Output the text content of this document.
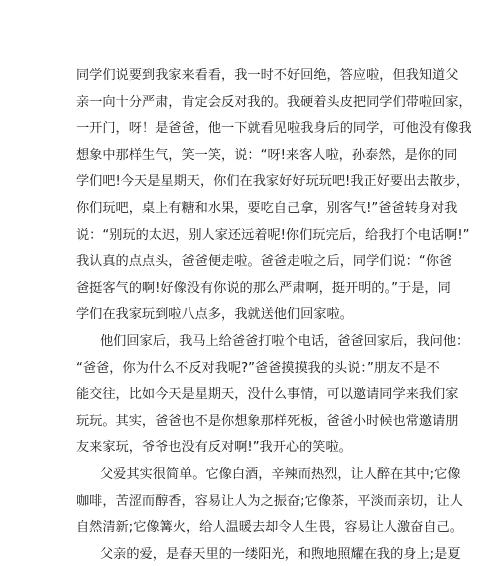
同学们说要到我家来看看，我一时不好回绝，答应啦，但我知道父
亲一向十分严肃，肯定会反对我的。我硬着头皮把同学们带啦回家，
一开门，呀！是爸爸，他一下就看见啦我身后的同学，可他没有像我
想象中那样生气，笑一笑，说：“呀!来客人啦，孙泰然，是你的同
学们吧!今天是星期天，你们在我家好好玩玩吧!我正好要出去散步，
你们玩吧，桌上有糖和水果，要吃自己拿，别客气!”爸爸转身对我
说：“别玩的太迟，别人家还远着呢!你们玩完后，给我打个电话啊!”
我认真的点点头，爸爸便走啦。爸爸走啦之后，同学们说：“你爸
爸挺客气的啊!好像没有你说的那么严肃啊，挺开明的。”于是，同
学们在我家玩到啦八点多，我就送他们回家啦。
他们回家后，我马上给爸爸打啦个电话，爸爸回家后，我问他：
“爸爸，你为什么不反对我呢?”爸爸摸摸我的头说：”朋友不是不
能交往，比如今天是星期天，没什么事情，可以邀请同学来我们家
玩玩。其实，爸爸也不是你想象那样死板，爸爸小时候也常邀请朋
友来家玩，爷爷也没有反对啊!”我开心的笑啦。
父爱其实很简单。它像白酒，辛辣而热烈，让人醉在其中;它像
咖啡，苦涩而醇香，容易让人为之振奋;它像茶，平淡而亲切，让人
自然清新;它像篝火，给人温暖去却令人生畏，容易让人激奋自己。
父亲的爱，是春天里的一缕阳光，和煦地照耀在我的身上;是夏
